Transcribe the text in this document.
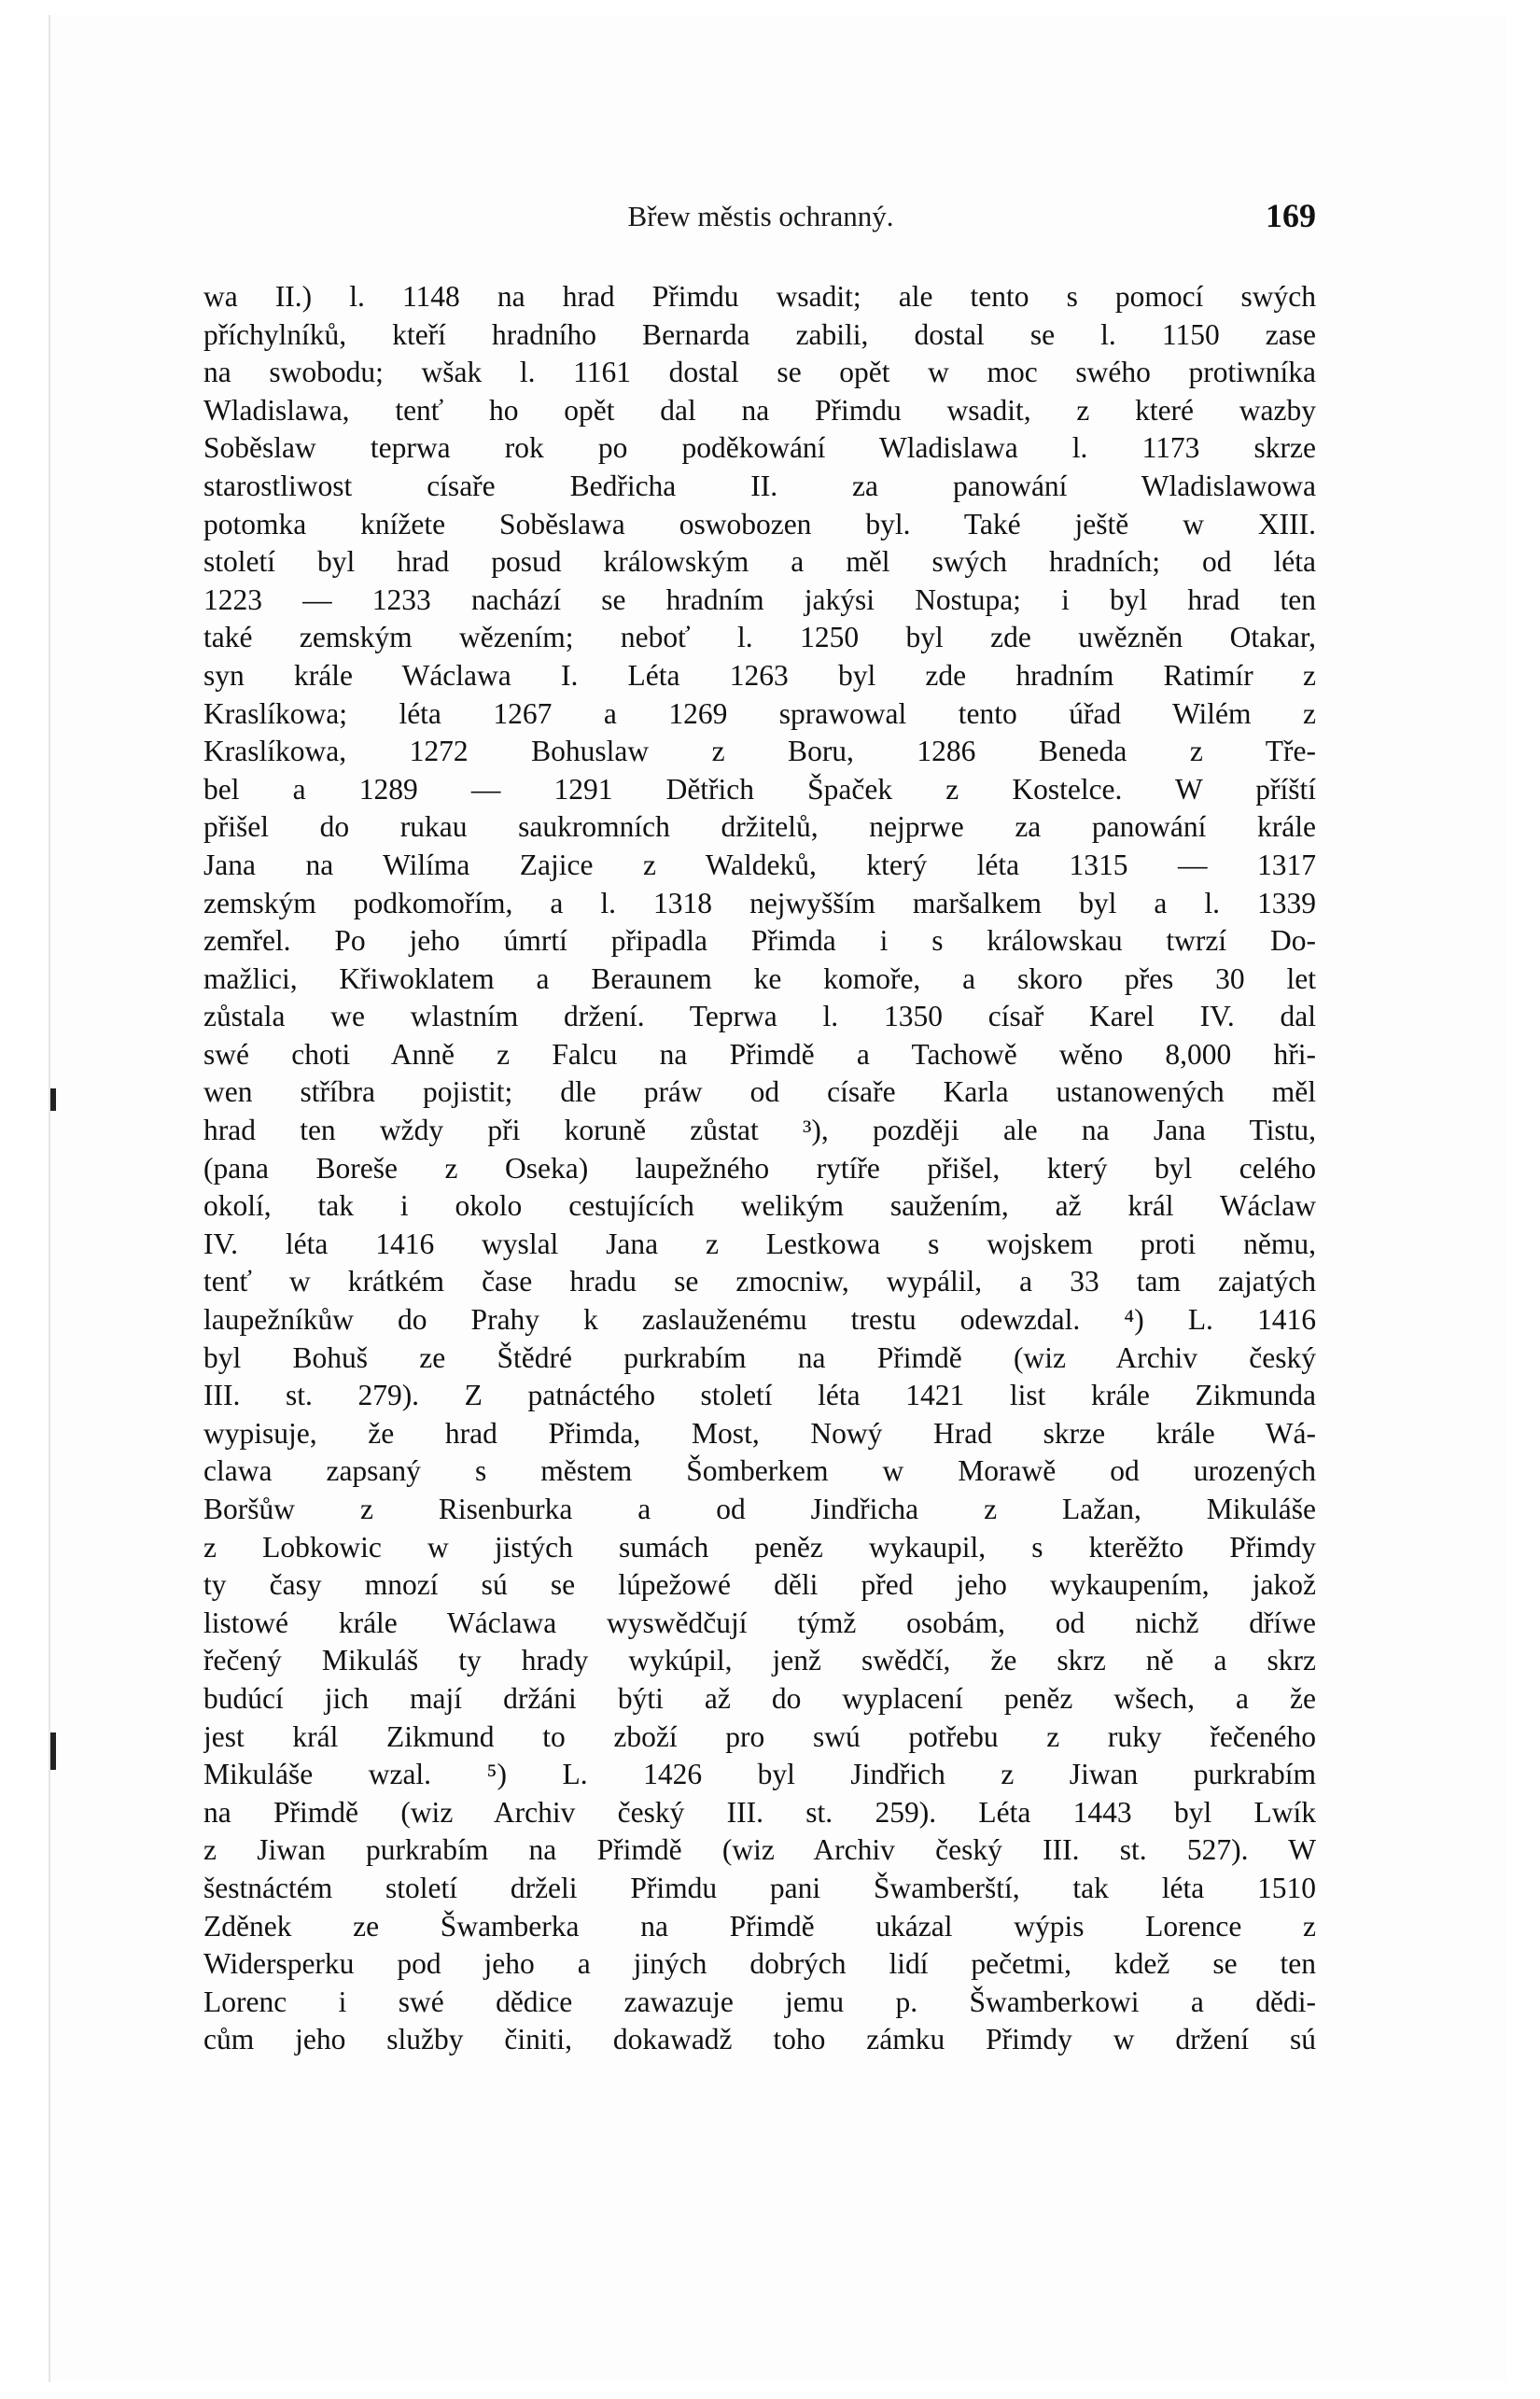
Břew městis ochranný.	169
wa II.) l. 1148 na hrad Přimdu wsadit; ale tento s pomocí swých
příchylníků, kteří hradního Bernarda zabili, dostal se l. 1150 zase
na swobodu; wšak l. 1161 dostal se opět w moc swého protiwníka
Wladislawa, tenť ho opět dal na Přimdu wsadit, z které wazby
Soběslaw teprwa rok po poděkowání Wladislawa l. 1173 skrze
starostliwost císaře Bedřicha II. za panowání Wladislawowa
potomka knížete Soběslawa oswobozen byl. Také ještě w XIII.
století byl hrad posud králowským a měl swých hradních; od léta
1223 — 1233 nachází se hradním jakýsi Nostupa; i byl hrad ten
také zemským wězením; neboť l. 1250 byl zde uwězněn Otakar,
syn krále Wáclawa I. Léta 1263 byl zde hradním Ratimír z
Kraslíkowa; léta 1267 a 1269 sprawowal tento úřad Wilém z
Kraslíkowa, 1272 Bohuslaw z Boru, 1286 Beneda z Tře-
bel a 1289 — 1291 Dětřich Špaček z Kostelce. W příští
přišel do rukau saukromních držitelů, nejprwe za panowání krále
Jana na Wilíma Zajice z Waldeků, který léta 1315 — 1317
zemským podkomořím, a l. 1318 nejwyšším maršalkem byl a l. 1339
zemřel. Po jeho úmrtí připadla Přimda i s králowskau twrzí Do-
mažlici, Křiwoklatem a Beraunem ke komoře, a skoro přes 30 let
zůstala we wlastním držení. Teprwa l. 1350 císař Karel IV. dal
swé choti Anně z Falcu na Přimdě a Tachowě wěno 8,000 hři-
wen stříbra pojistit; dle práw od císaře Karla ustanowených měl
hrad ten wždy při koruně zůstat ³), později ale na Jana Tistu,
(pana Boreše z Oseka) laupežného rytíře přišel, který byl celého
okolí, tak i okolo cestujících welikým saužením, až král Wáclaw
IV. léta 1416 wyslal Jana z Lestkowa s wojskem proti němu,
tenť w krátkém čase hradu se zmocniw, wypálil, a 33 tam zajatých
laupežníkůw do Prahy k zaslauženému trestu odewzdal. ⁴) L. 1416
byl Bohuš ze Štědré purkrabím na Přimdě (wiz Archiv český
III. st. 279). Z patnáctého století léta 1421 list krále Zikmunda
wypisuje, že hrad Přimda, Most, Nowý Hrad skrze krále Wá-
clawa zapsaný s městem Šomberkem w Morawě od urozených
Boršůw z Risenburka a od Jindřicha z Lažan, Mikuláše
z Lobkowic w jistých sumách peněz wykaupil, s kterěžto Přimdy
ty časy mnozí sú se lúpežowé děli před jeho wykaupením, jakož
listowé krále Wáclawa wyswědčují týmž osobám, od nichž dříwe
řečený Mikuláš ty hrady wykúpil, jenž swědčí, že skrz ně a skrz
budúcí jich mají držáni býti až do wyplacení peněz wšech, a že
jest král Zikmund to zboží pro swú potřebu z ruky řečeného
Mikuláše wzal. ⁵) L. 1426 byl Jindřich z Jiwan purkrabím
na Přimdě (wiz Archiv český III. st. 259). Léta 1443 byl Lwík
z Jiwan purkrabím na Přimdě (wiz Archiv český III. st. 527). W
šestnáctém století drželi Přimdu pani Šwamberští, tak léta 1510
Zděnek ze Šwamberka na Přimdě ukázal wýpis Lorence z
Widersperku pod jeho a jiných dobrých lidí pečetmi, kdež se ten
Lorenc i swé dědice zawazuje jemu p. Šwamberkowi a dědi-
cům jeho služby činiti, dokawadž toho zámku Přimdy w držení sú
